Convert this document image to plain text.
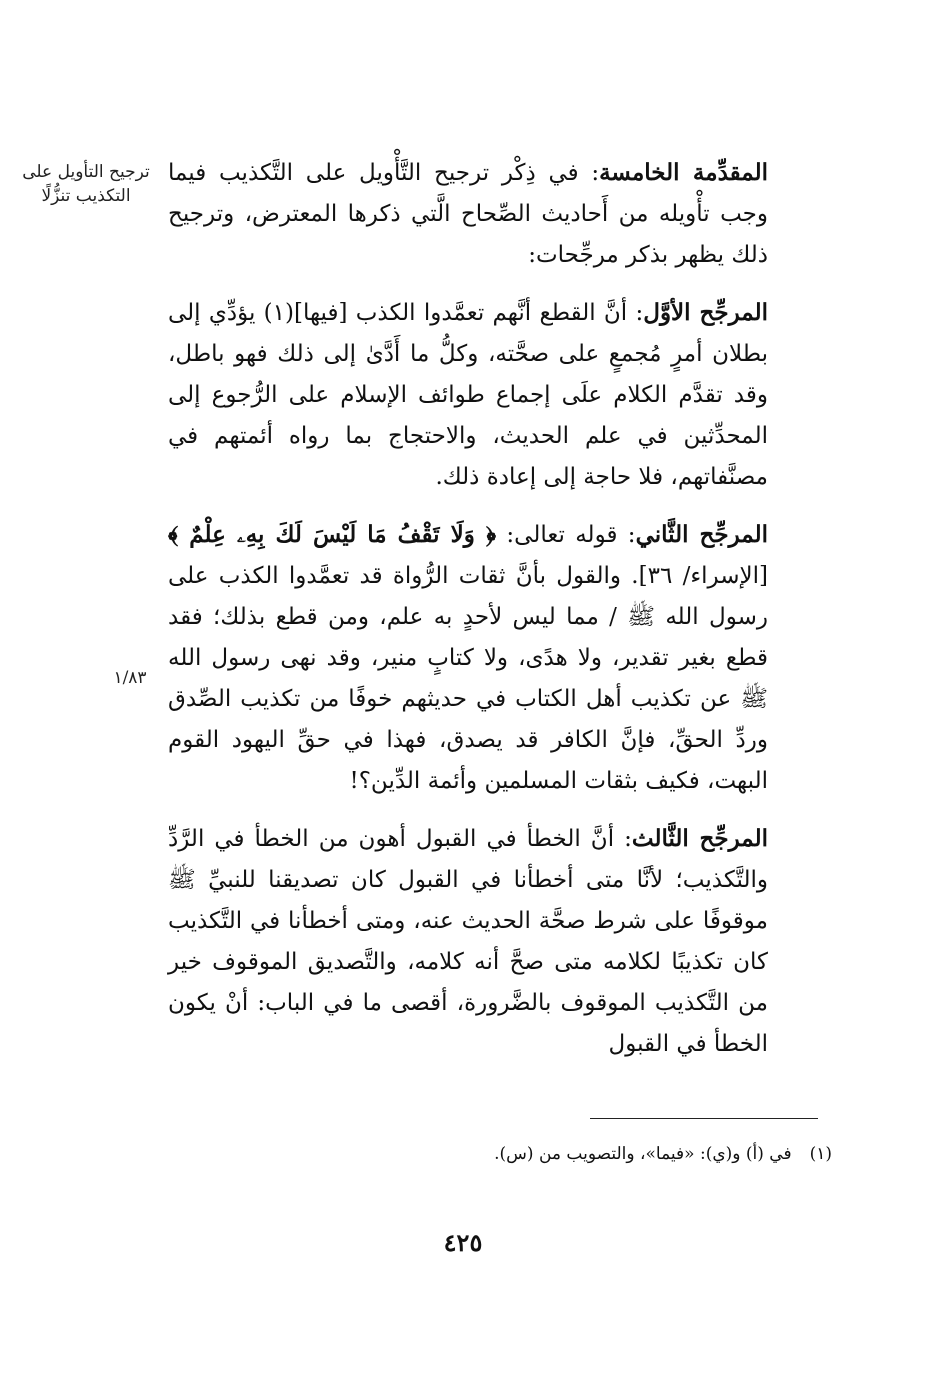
ترجيح التأويل على التكذيب تنزُّلًا
١/٨٣

المقدِّمة الخامسة: في ذِكْر ترجيح التَّأْويل على التَّكذيب فيما وجب تأْويله من أَحاديث الصِّحاح الَّتي ذكرها المعترض، وترجيح ذلك يظهر بذكر مرجِّحات:

المرجِّح الأوَّل: أنَّ القطع أنَّهم تعمَّدوا الكذب [فيها](١) يؤدِّي إلى بطلان أمرٍ مُجمعٍ على صحَّته، وكلُّ ما أَدَّىٰ إلى ذلك فهو باطل، وقد تقدَّم الكلام علَى إجماع طوائف الإسلام على الرُّجوع إلى المحدِّثين في علم الحديث، والاحتجاج بما رواه أئمتهم في مصنَّفاتهم، فلا حاجة إلى إعادة ذلك.

المرجِّح الثَّاني: قوله تعالى: ﴿ وَلَا تَقْفُ مَا لَيْسَ لَكَ بِهِۦ عِلْمٌ ﴾ [الإسراء/ ٣٦]. والقول بأنَّ ثقات الرُّواة قد تعمَّدوا الكذب على رسول الله ﷺ / مما ليس لأحدٍ به علم، ومن قطع بذلك؛ فقد قطع بغير تقدير، ولا هدًى، ولا كتابٍ منير، وقد نهى رسول الله ﷺ عن تكذيب أهل الكتاب في حديثهم خوفًا من تكذيب الصِّدق وردِّ الحقِّ، فإنَّ الكافر قد يصدق، فهذا في حقِّ اليهود القوم البهت، فكيف بثقات المسلمين وأئمة الدِّين؟!

المرجِّح الثَّالث: أنَّ الخطأ في القبول أهون من الخطأ في الرَّدِّ والتَّكذيب؛ لأنَّا متى أخطأنا في القبول كان تصديقنا للنبيِّ ﷺ موقوفًا على شرط صحَّة الحديث عنه، ومتى أخطأنا في التَّكذيب كان تكذيبًا لكلامه متى صحَّ أنه كلامه، والتَّصديق الموقوف خير من التَّكذيب الموقوف بالضَّرورة، أقصى ما في الباب: أنْ يكون الخطأ في القبول

(١)في (أ) و(ي): «فيما»، والتصويب من (س).
٤٢٥
